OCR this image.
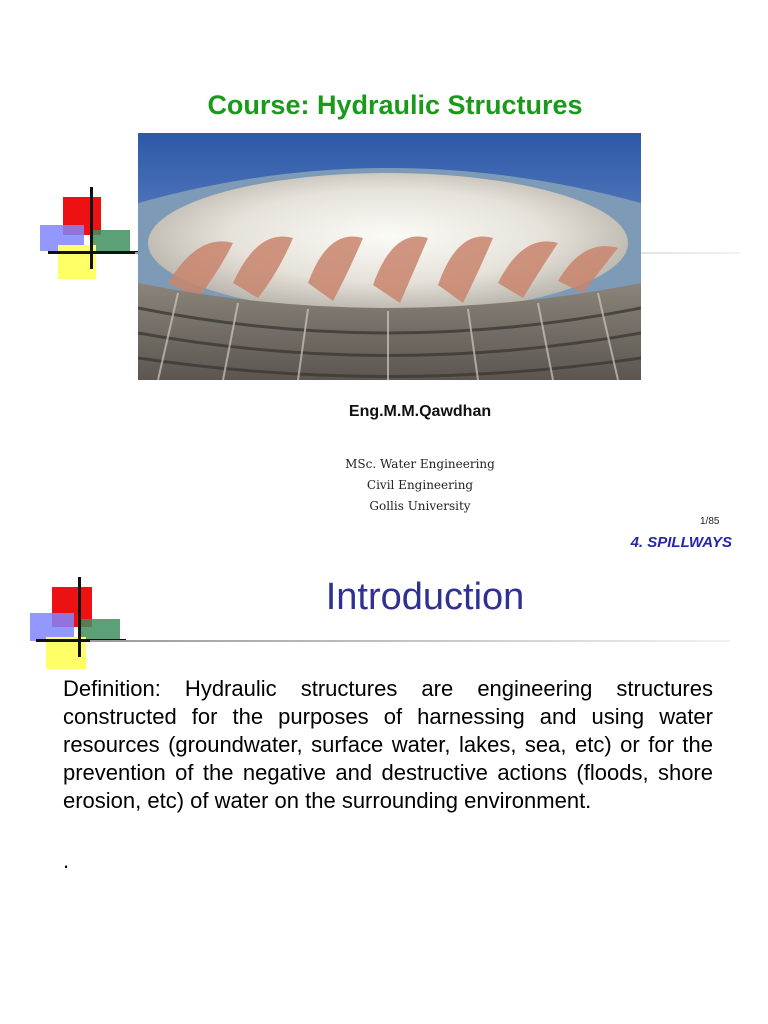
Course: Hydraulic Structures
Eng.M.M.Qawdhan
MSc. Water Engineering
Civil Engineering
Gollis University
1/85
4. SPILLWAYS
Introduction
Definition: Hydraulic structures are engineering structures constructed for the purposes of harnessing and using water resources (groundwater, surface water, lakes, sea, etc) or for the prevention of the negative and destructive actions (floods, shore erosion, etc) of water on the surrounding environment.
.
